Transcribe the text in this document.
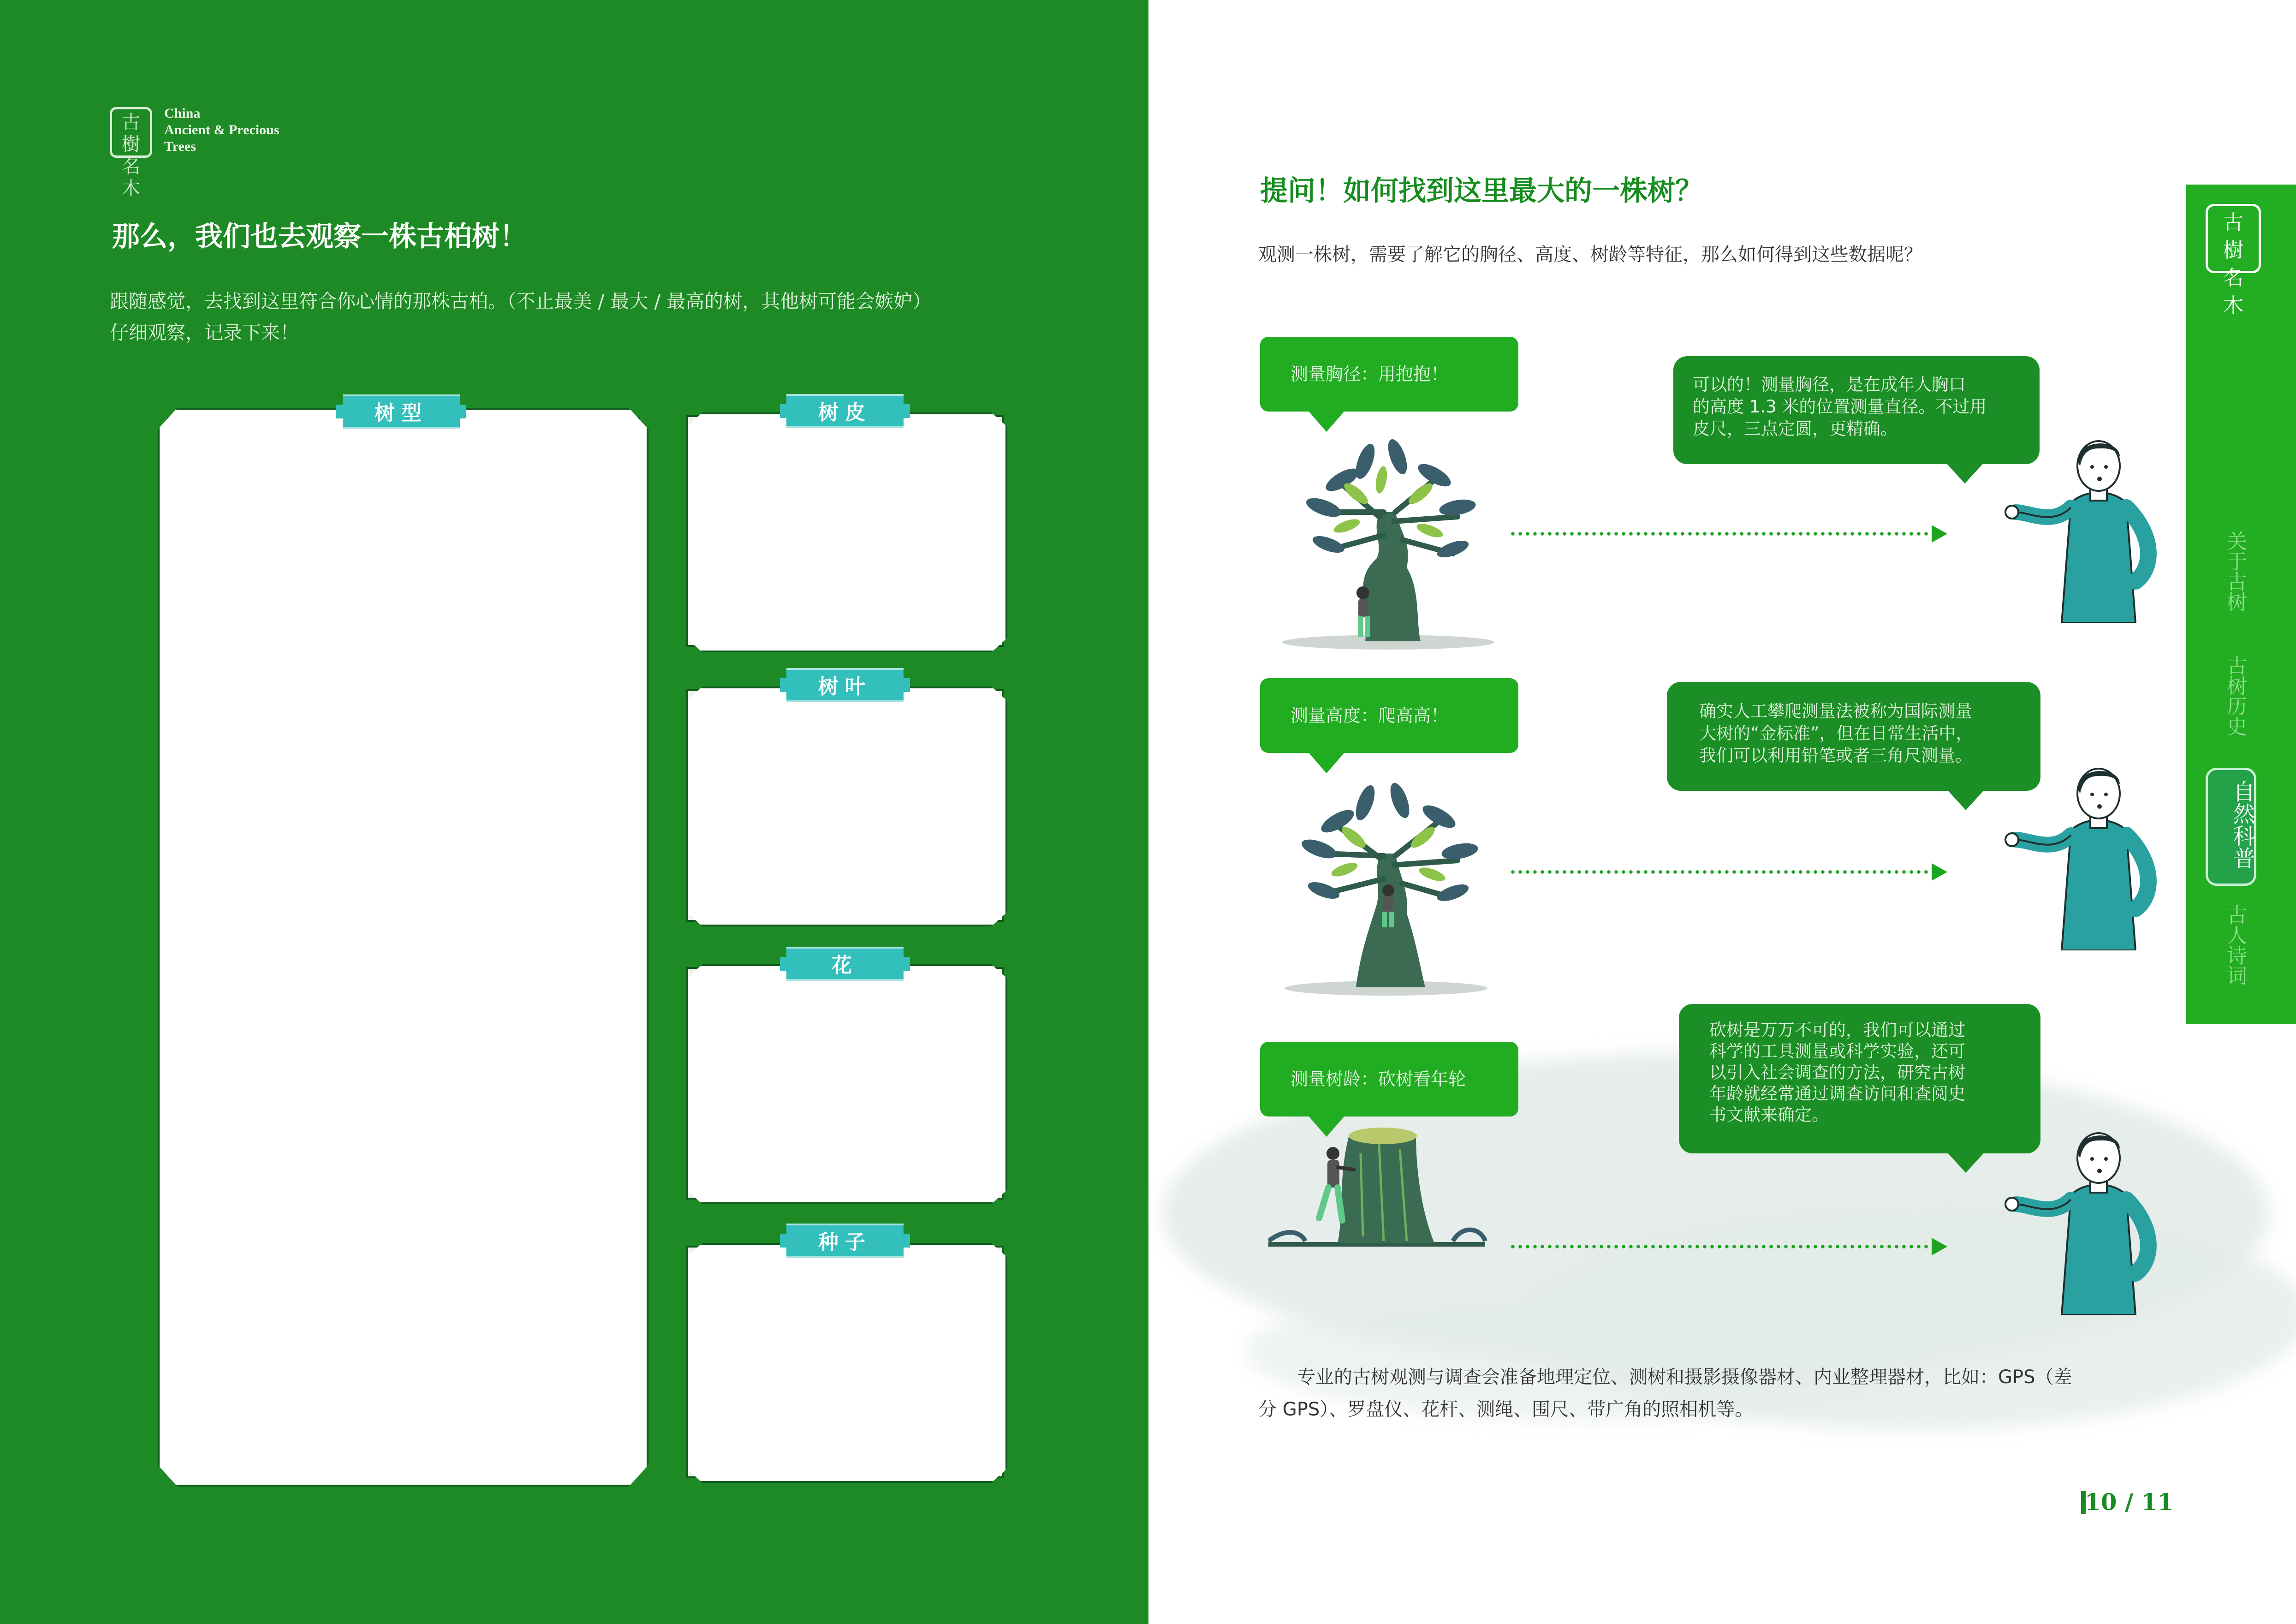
古樹名木
China
Ancient & Precious
Trees
那么，我们也去观察一株古柏树！
跟随感觉，去找到这里符合你心情的那株古柏。（不止最美 / 最大 / 最高的树，其他树可能会嫉妒）
仔细观察，记录下来！
树型	树皮
树叶
花
种子
提问！如何找到这里最大的一株树？
观测一株树，需要了解它的胸径、高度、树龄等特征，那么如何得到这些数据呢？
测量胸径：用抱抱！
可以的！测量胸径，是在成年人胸口
的高度 1.3 米的位置测量直径。不过用
皮尺，三点定圆，更精确。
测量高度：爬高高！	确实人工攀爬测量法被称为国际测量
大树的“金标准”，但在日常生活中，
我们可以利用铅笔或者三角尺测量。
测量树龄：砍树看年轮
砍树是万万不可的，我们可以通过
科学的工具测量或科学实验，还可
以引入社会调查的方法，研究古树
年龄就经常通过调查访问和查阅史
书文献来确定。
专业的古树观测与调查会准备地理定位、测树和摄影摄像器材、内业整理器材，比如：GPS（差
分 GPS）、罗盘仪、花杆、测绳、围尺、带广角的照相机等。
10 / 11
古樹名木
关于古树
古树历史
自然科普
古人诗词
